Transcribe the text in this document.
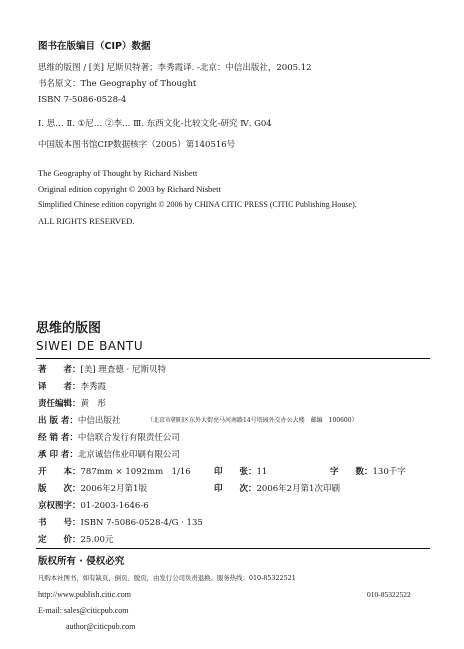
图书在版编目（CIP）数据
思维的版图 / [美] 尼斯贝特著；李秀霞译. -北京：中信出版社，2005.12
书名原文：The Geography of Thought
ISBN 7-5086-0528-4
Ⅰ. 思… Ⅱ. ①尼… ②李… Ⅲ. 东西文化-比较文化-研究 Ⅳ. G04
中国版本图书馆CIP数据核字（2005）第140516号
The Geography of Thought by Richard Nisbett
Original edition copyright © 2003 by Richard Nisbett
Simplified Chinese edition copyright © 2006 by CHINA CITIC PRESS (CITIC Publishing House).
ALL RIGHTS RESERVED.
思维的版图
SIWEI DE BANTU
著　　者：[美] 理查德 · 尼斯贝特
译　　者：李秀霞
责任编辑：黄　彤
出 版 者：中信出版社	（北京市朝阳区东外大街亮马河南路14号塔园外交办公大楼　邮编　100600）
经 销 者：中信联合发行有限责任公司
承 印 者：北京诚信伟业印刷有限公司
开　　本：787mm × 1092mm　1/16	印　　张：11	字　　数：130千字
版　　次：2006年2月第1版	印　　次：2006年2月第1次印刷
京权图字：01-2003-1646-6
书　　号：ISBN 7-5086-0528-4/G · 135
定　　价：25.00元
版权所有 · 侵权必究
凡购本社图书，如有缺页、倒页、脱页，由发行公司负责退换。服务热线：010-85322521
http://www.publish.citic.com	010-85322522
E-mail: sales@citicpub.com
author@citicpub.com
